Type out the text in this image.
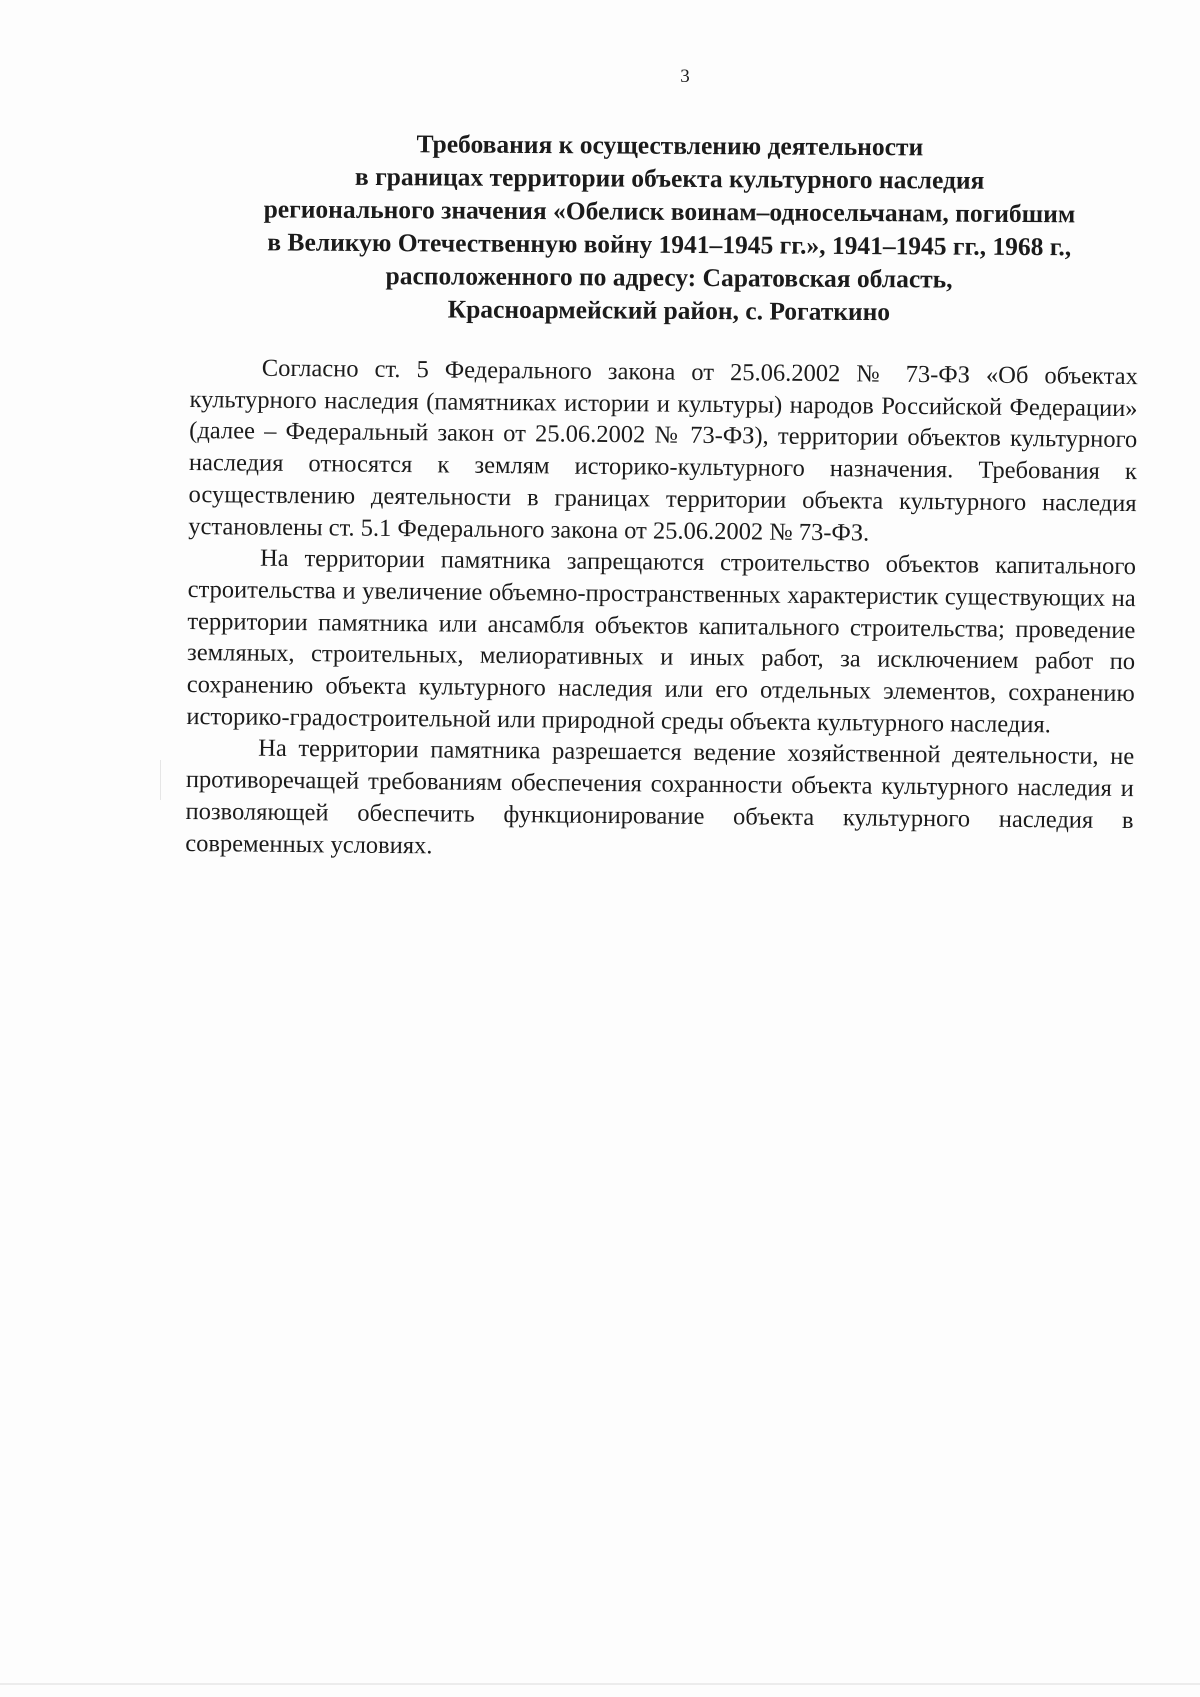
3
Требования к осуществлению деятельности
в границах территории объекта культурного наследия
регионального значения «Обелиск воинам–односельчанам, погибшим
в Великую Отечественную войну 1941–1945 гг.», 1941–1945 гг., 1968 г.,
расположенного по адресу: Саратовская область,
Красноармейский район, с. Рогаткино

Согласно ст. 5 Федерального закона от 25.06.2002 № 73-ФЗ «Об объектах культурного наследия (памятниках истории и культуры) народов Российской Федерации» (далее – Федеральный закон от 25.06.2002 № 73-ФЗ), территории объектов культурного наследия относятся к землям историко-культурного назначения. Требования к осуществлению деятельности в границах территории объекта культурного наследия установлены ст. 5.1 Федерального закона от 25.06.2002 № 73-ФЗ.

На территории памятника запрещаются строительство объектов капитального строительства и увеличение объемно-пространственных характеристик существующих на территории памятника или ансамбля объектов капитального строительства; проведение земляных, строительных, мелиоративных и иных работ, за исключением работ по сохранению объекта культурного наследия или его отдельных элементов, сохранению историко-градостроительной или природной среды объекта культурного наследия.

На территории памятника разрешается ведение хозяйственной деятельности, не противоречащей требованиям обеспечения сохранности объекта культурного наследия и позволяющей обеспечить функционирование объекта культурного наследия в современных условиях.
